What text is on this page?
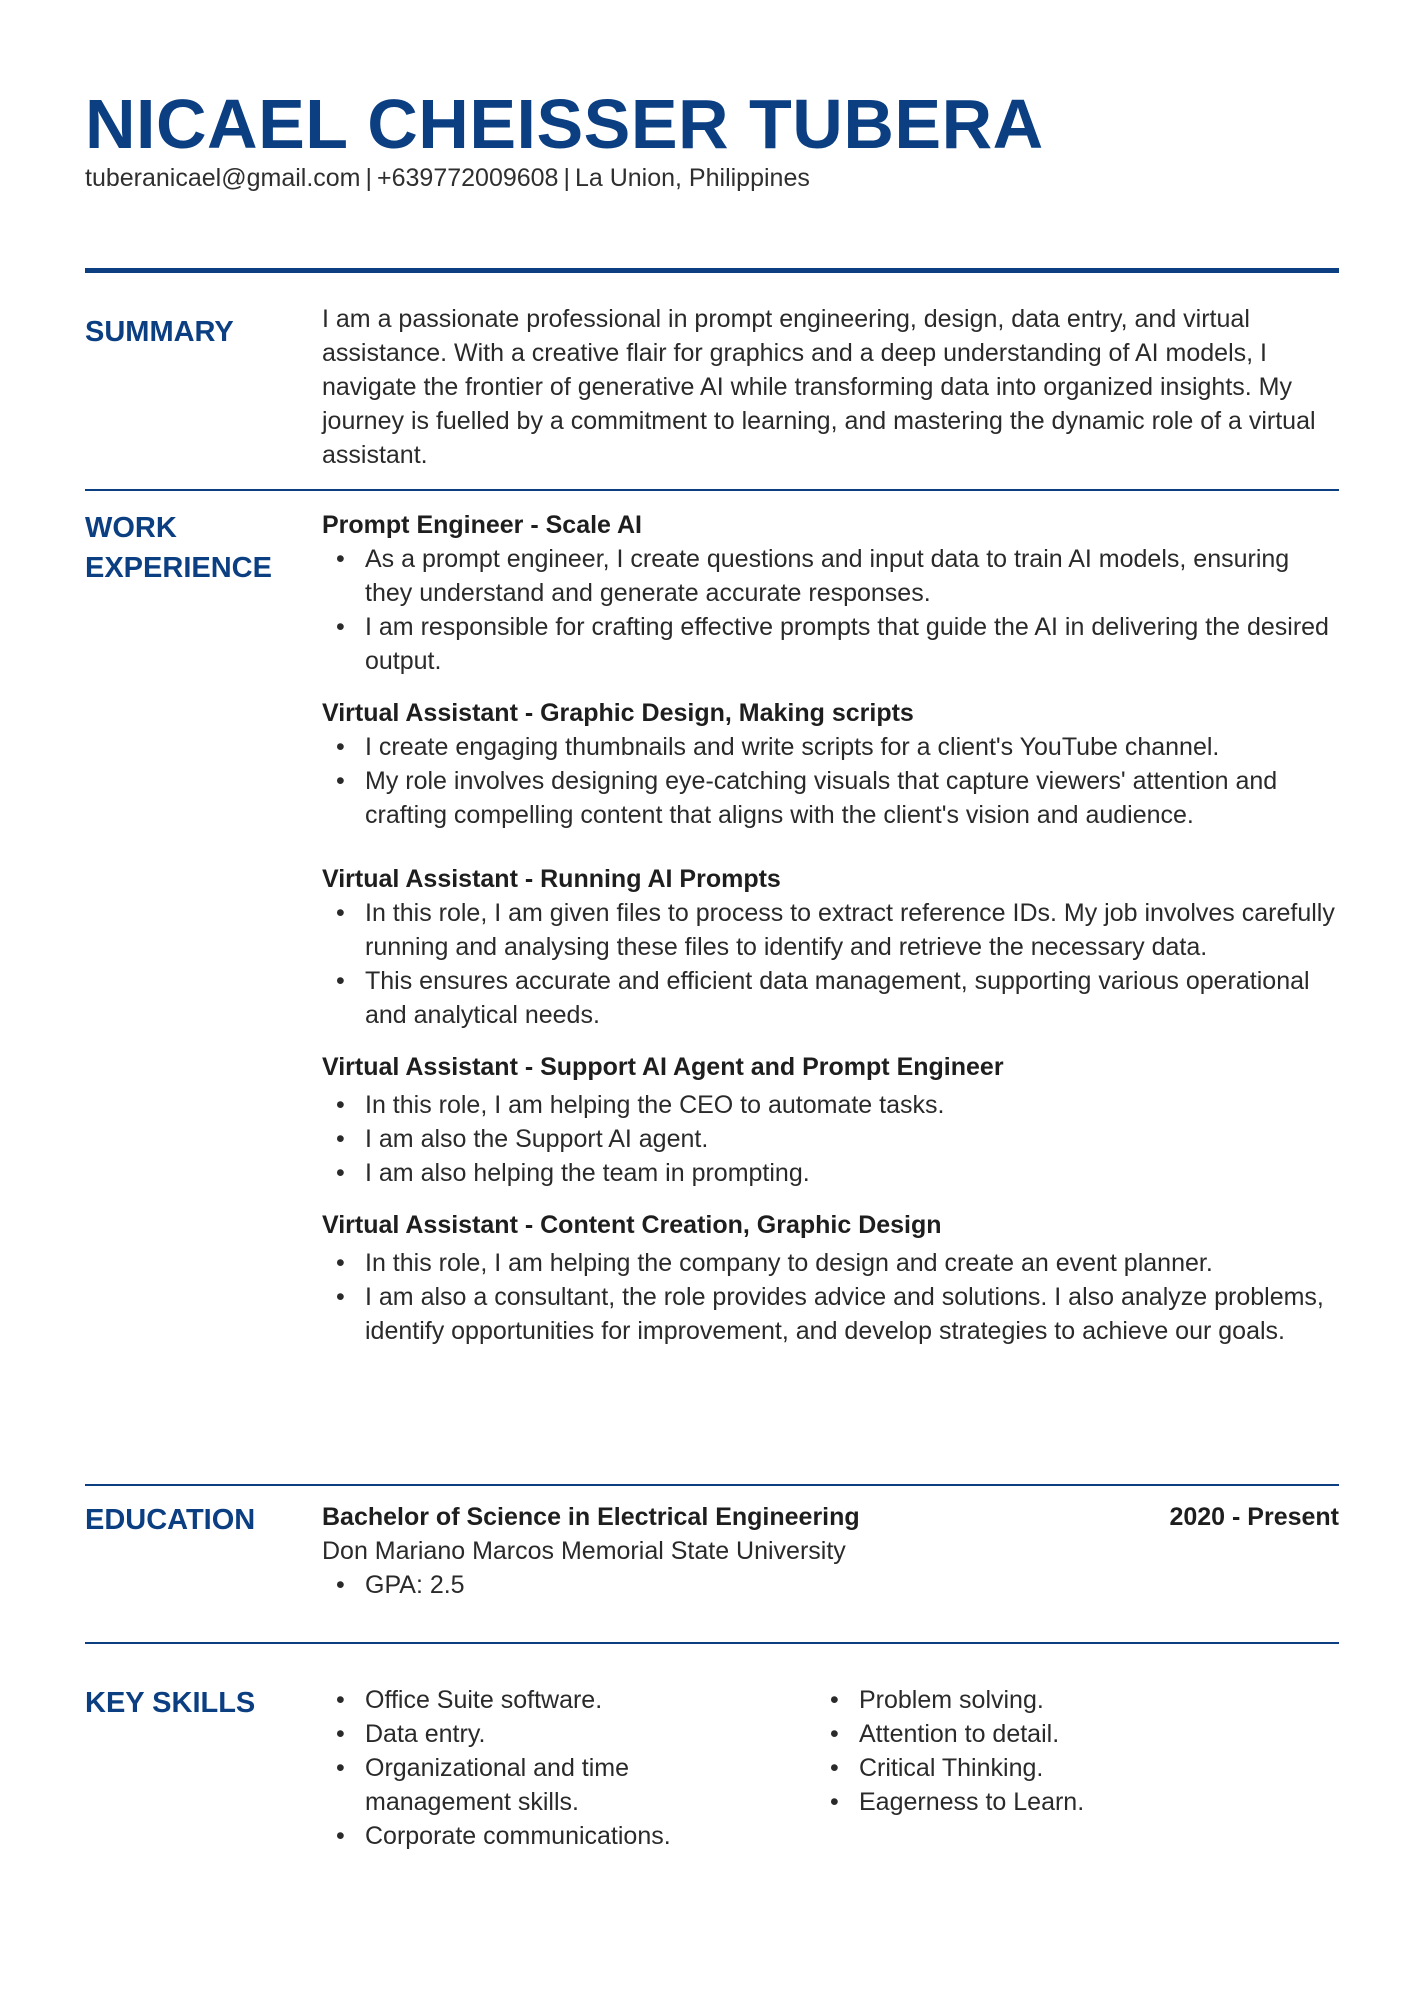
NICAEL CHEISSER TUBERA
tuberanicael@gmail.com | +639772009608 | La Union, Philippines
SUMMARY	I am a passionate professional in prompt engineering, design, data entry, and virtual assistance. With a creative flair for graphics and a deep understanding of AI models, I navigate the frontier of generative AI while transforming data into organized insights. My journey is fuelled by a commitment to learning, and mastering the dynamic role of a virtual assistant.
WORK
EXPERIENCE
Prompt Engineer - Scale AI
• As a prompt engineer, I create questions and input data to train AI models, ensuring they understand and generate accurate responses.
• I am responsible for crafting effective prompts that guide the AI in delivering the desired output.
Virtual Assistant - Graphic Design, Making scripts
• I create engaging thumbnails and write scripts for a client's YouTube channel.
• My role involves designing eye-catching visuals that capture viewers' attention and crafting compelling content that aligns with the client's vision and audience.
Virtual Assistant - Running AI Prompts
• In this role, I am given files to process to extract reference IDs. My job involves carefully running and analysing these files to identify and retrieve the necessary data.
• This ensures accurate and efficient data management, supporting various operational and analytical needs.
Virtual Assistant - Support AI Agent and Prompt Engineer
• In this role, I am helping the CEO to automate tasks.
• I am also the Support AI agent.
• I am also helping the team in prompting.
Virtual Assistant - Content Creation, Graphic Design
• In this role, I am helping the company to design and create an event planner.
• I am also a consultant, the role provides advice and solutions. I also analyze problems, identify opportunities for improvement, and develop strategies to achieve our goals.
EDUCATION	Bachelor of Science in Electrical Engineering	2020 - Present
Don Mariano Marcos Memorial State University
• GPA: 2.5
KEY SKILLS
•	Office Suite software.
• Data entry.
• Organizational and time management skills.
• Corporate communications.
• Problem solving.
• Attention to detail.
• Critical Thinking.
• Eagerness to Learn.
